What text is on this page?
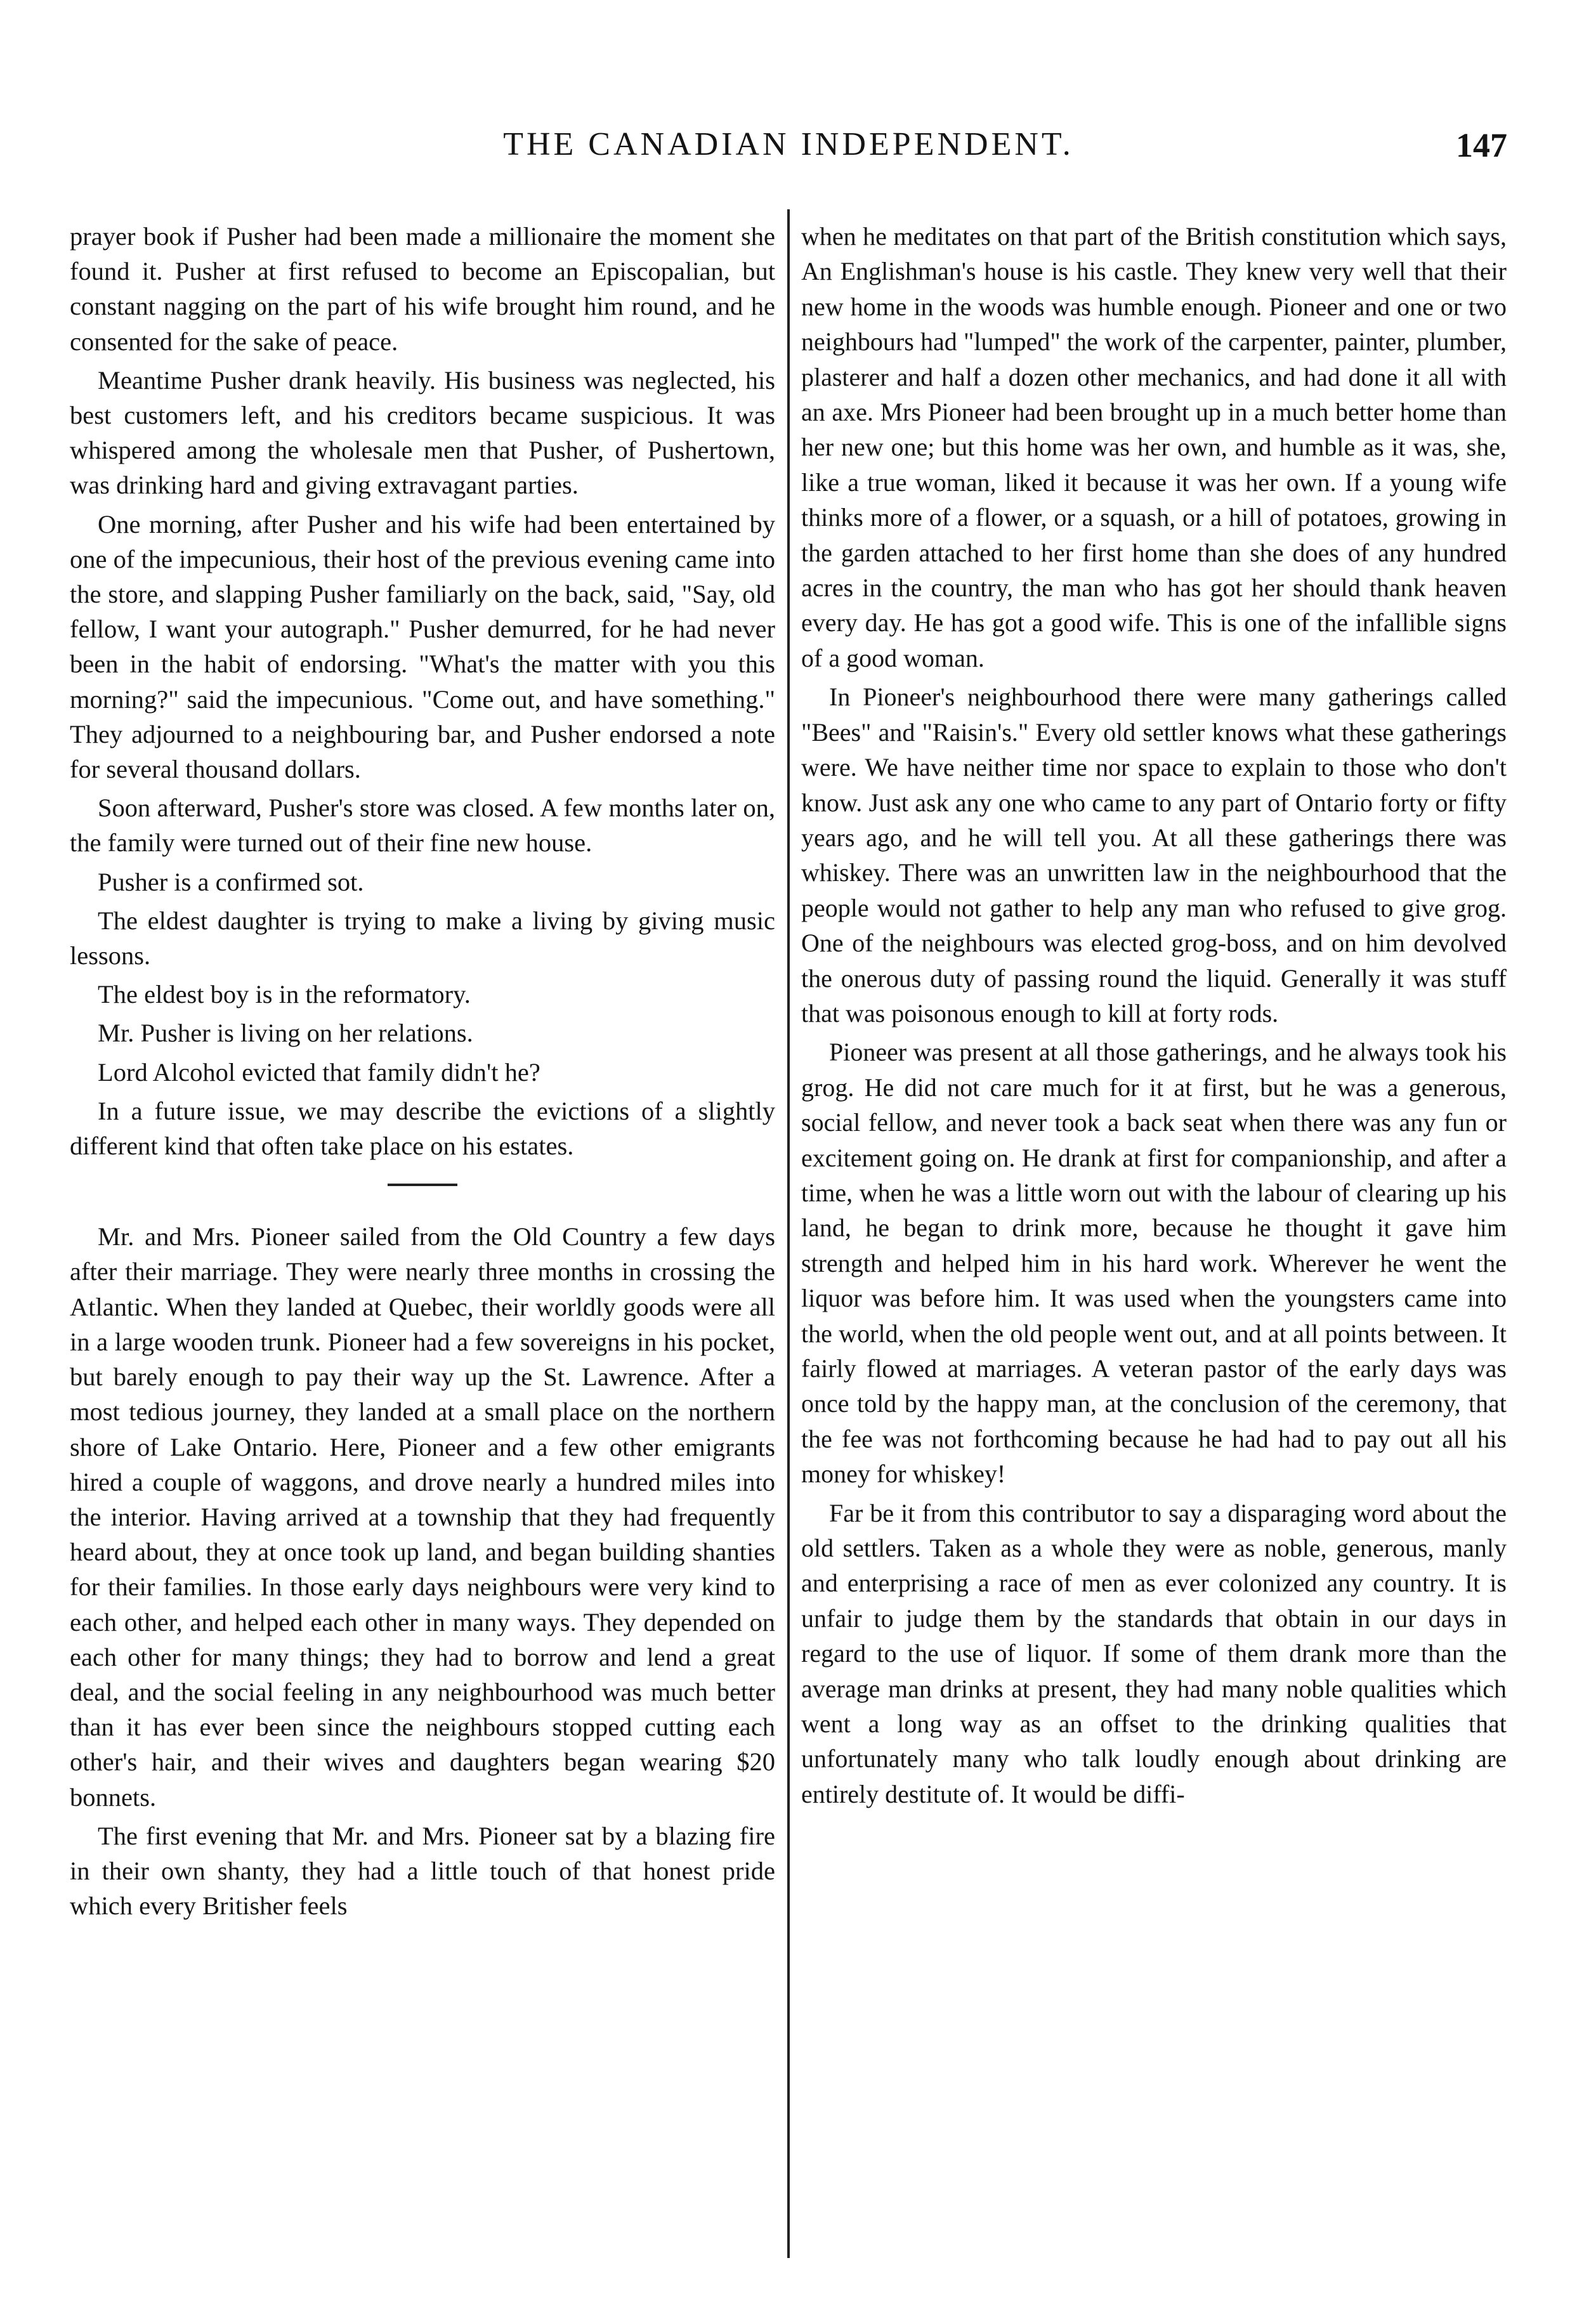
THE CANADIAN INDEPENDENT.	147

prayer book if Pusher had been made a millionaire the moment she found it. Pusher at first refused to become an Episcopalian, but constant nagging on the part of his wife brought him round, and he consented for the sake of peace.

Meantime Pusher drank heavily. His business was neglected, his best customers left, and his creditors became suspicious. It was whispered among the wholesale men that Pusher, of Pushertown, was drinking hard and giving extravagant parties.

One morning, after Pusher and his wife had been entertained by one of the impecunious, their host of the previous evening came into the store, and slapping Pusher familiarly on the back, said, "Say, old fellow, I want your autograph." Pusher demurred, for he had never been in the habit of endorsing. "What's the matter with you this morning?" said the impecunious. "Come out, and have something." They adjourned to a neighbouring bar, and Pusher endorsed a note for several thousand dollars.

Soon afterward, Pusher's store was closed. A few months later on, the family were turned out of their fine new house.

Pusher is a confirmed sot.

The eldest daughter is trying to make a living by giving music lessons.

The eldest boy is in the reformatory.

Mr. Pusher is living on her relations.

Lord Alcohol evicted that family didn't he?

In a future issue, we may describe the evictions of a slightly different kind that often take place on his estates.

Mr. and Mrs. Pioneer sailed from the Old Country a few days after their marriage. They were nearly three months in crossing the Atlantic. When they landed at Quebec, their worldly goods were all in a large wooden trunk. Pioneer had a few sovereigns in his pocket, but barely enough to pay their way up the St. Lawrence. After a most tedious journey, they landed at a small place on the northern shore of Lake Ontario. Here, Pioneer and a few other emigrants hired a couple of waggons, and drove nearly a hundred miles into the interior. Having arrived at a township that they had frequently heard about, they at once took up land, and began building shanties for their families. In those early days neighbours were very kind to each other, and helped each other in many ways. They depended on each other for many things; they had to borrow and lend a great deal, and the social feeling in any neighbourhood was much better than it has ever been since the neighbours stopped cutting each other's hair, and their wives and daughters began wearing $20 bonnets.

The first evening that Mr. and Mrs. Pioneer sat by a blazing fire in their own shanty, they had a little touch of that honest pride which every Britisher feels

when he meditates on that part of the British constitution which says, An Englishman's house is his castle. They knew very well that their new home in the woods was humble enough. Pioneer and one or two neighbours had "lumped" the work of the carpenter, painter, plumber, plasterer and half a dozen other mechanics, and had done it all with an axe. Mrs Pioneer had been brought up in a much better home than her new one; but this home was her own, and humble as it was, she, like a true woman, liked it because it was her own. If a young wife thinks more of a flower, or a squash, or a hill of potatoes, growing in the garden attached to her first home than she does of any hundred acres in the country, the man who has got her should thank heaven every day. He has got a good wife. This is one of the infallible signs of a good woman.

In Pioneer's neighbourhood there were many gatherings called "Bees" and "Raisin's." Every old settler knows what these gatherings were. We have neither time nor space to explain to those who don't know. Just ask any one who came to any part of Ontario forty or fifty years ago, and he will tell you. At all these gatherings there was whiskey. There was an unwritten law in the neighbourhood that the people would not gather to help any man who refused to give grog. One of the neighbours was elected grog-boss, and on him devolved the onerous duty of passing round the liquid. Generally it was stuff that was poisonous enough to kill at forty rods.

Pioneer was present at all those gatherings, and he always took his grog. He did not care much for it at first, but he was a generous, social fellow, and never took a back seat when there was any fun or excitement going on. He drank at first for companionship, and after a time, when he was a little worn out with the labour of clearing up his land, he began to drink more, because he thought it gave him strength and helped him in his hard work. Wherever he went the liquor was before him. It was used when the youngsters came into the world, when the old people went out, and at all points between. It fairly flowed at marriages. A veteran pastor of the early days was once told by the happy man, at the conclusion of the ceremony, that the fee was not forthcoming because he had had to pay out all his money for whiskey!

Far be it from this contributor to say a disparaging word about the old settlers. Taken as a whole they were as noble, generous, manly and enterprising a race of men as ever colonized any country. It is unfair to judge them by the standards that obtain in our days in regard to the use of liquor. If some of them drank more than the average man drinks at present, they had many noble qualities which went a long way as an offset to the drinking qualities that unfortunately many who talk loudly enough about drinking are entirely destitute of. It would be diffi-
